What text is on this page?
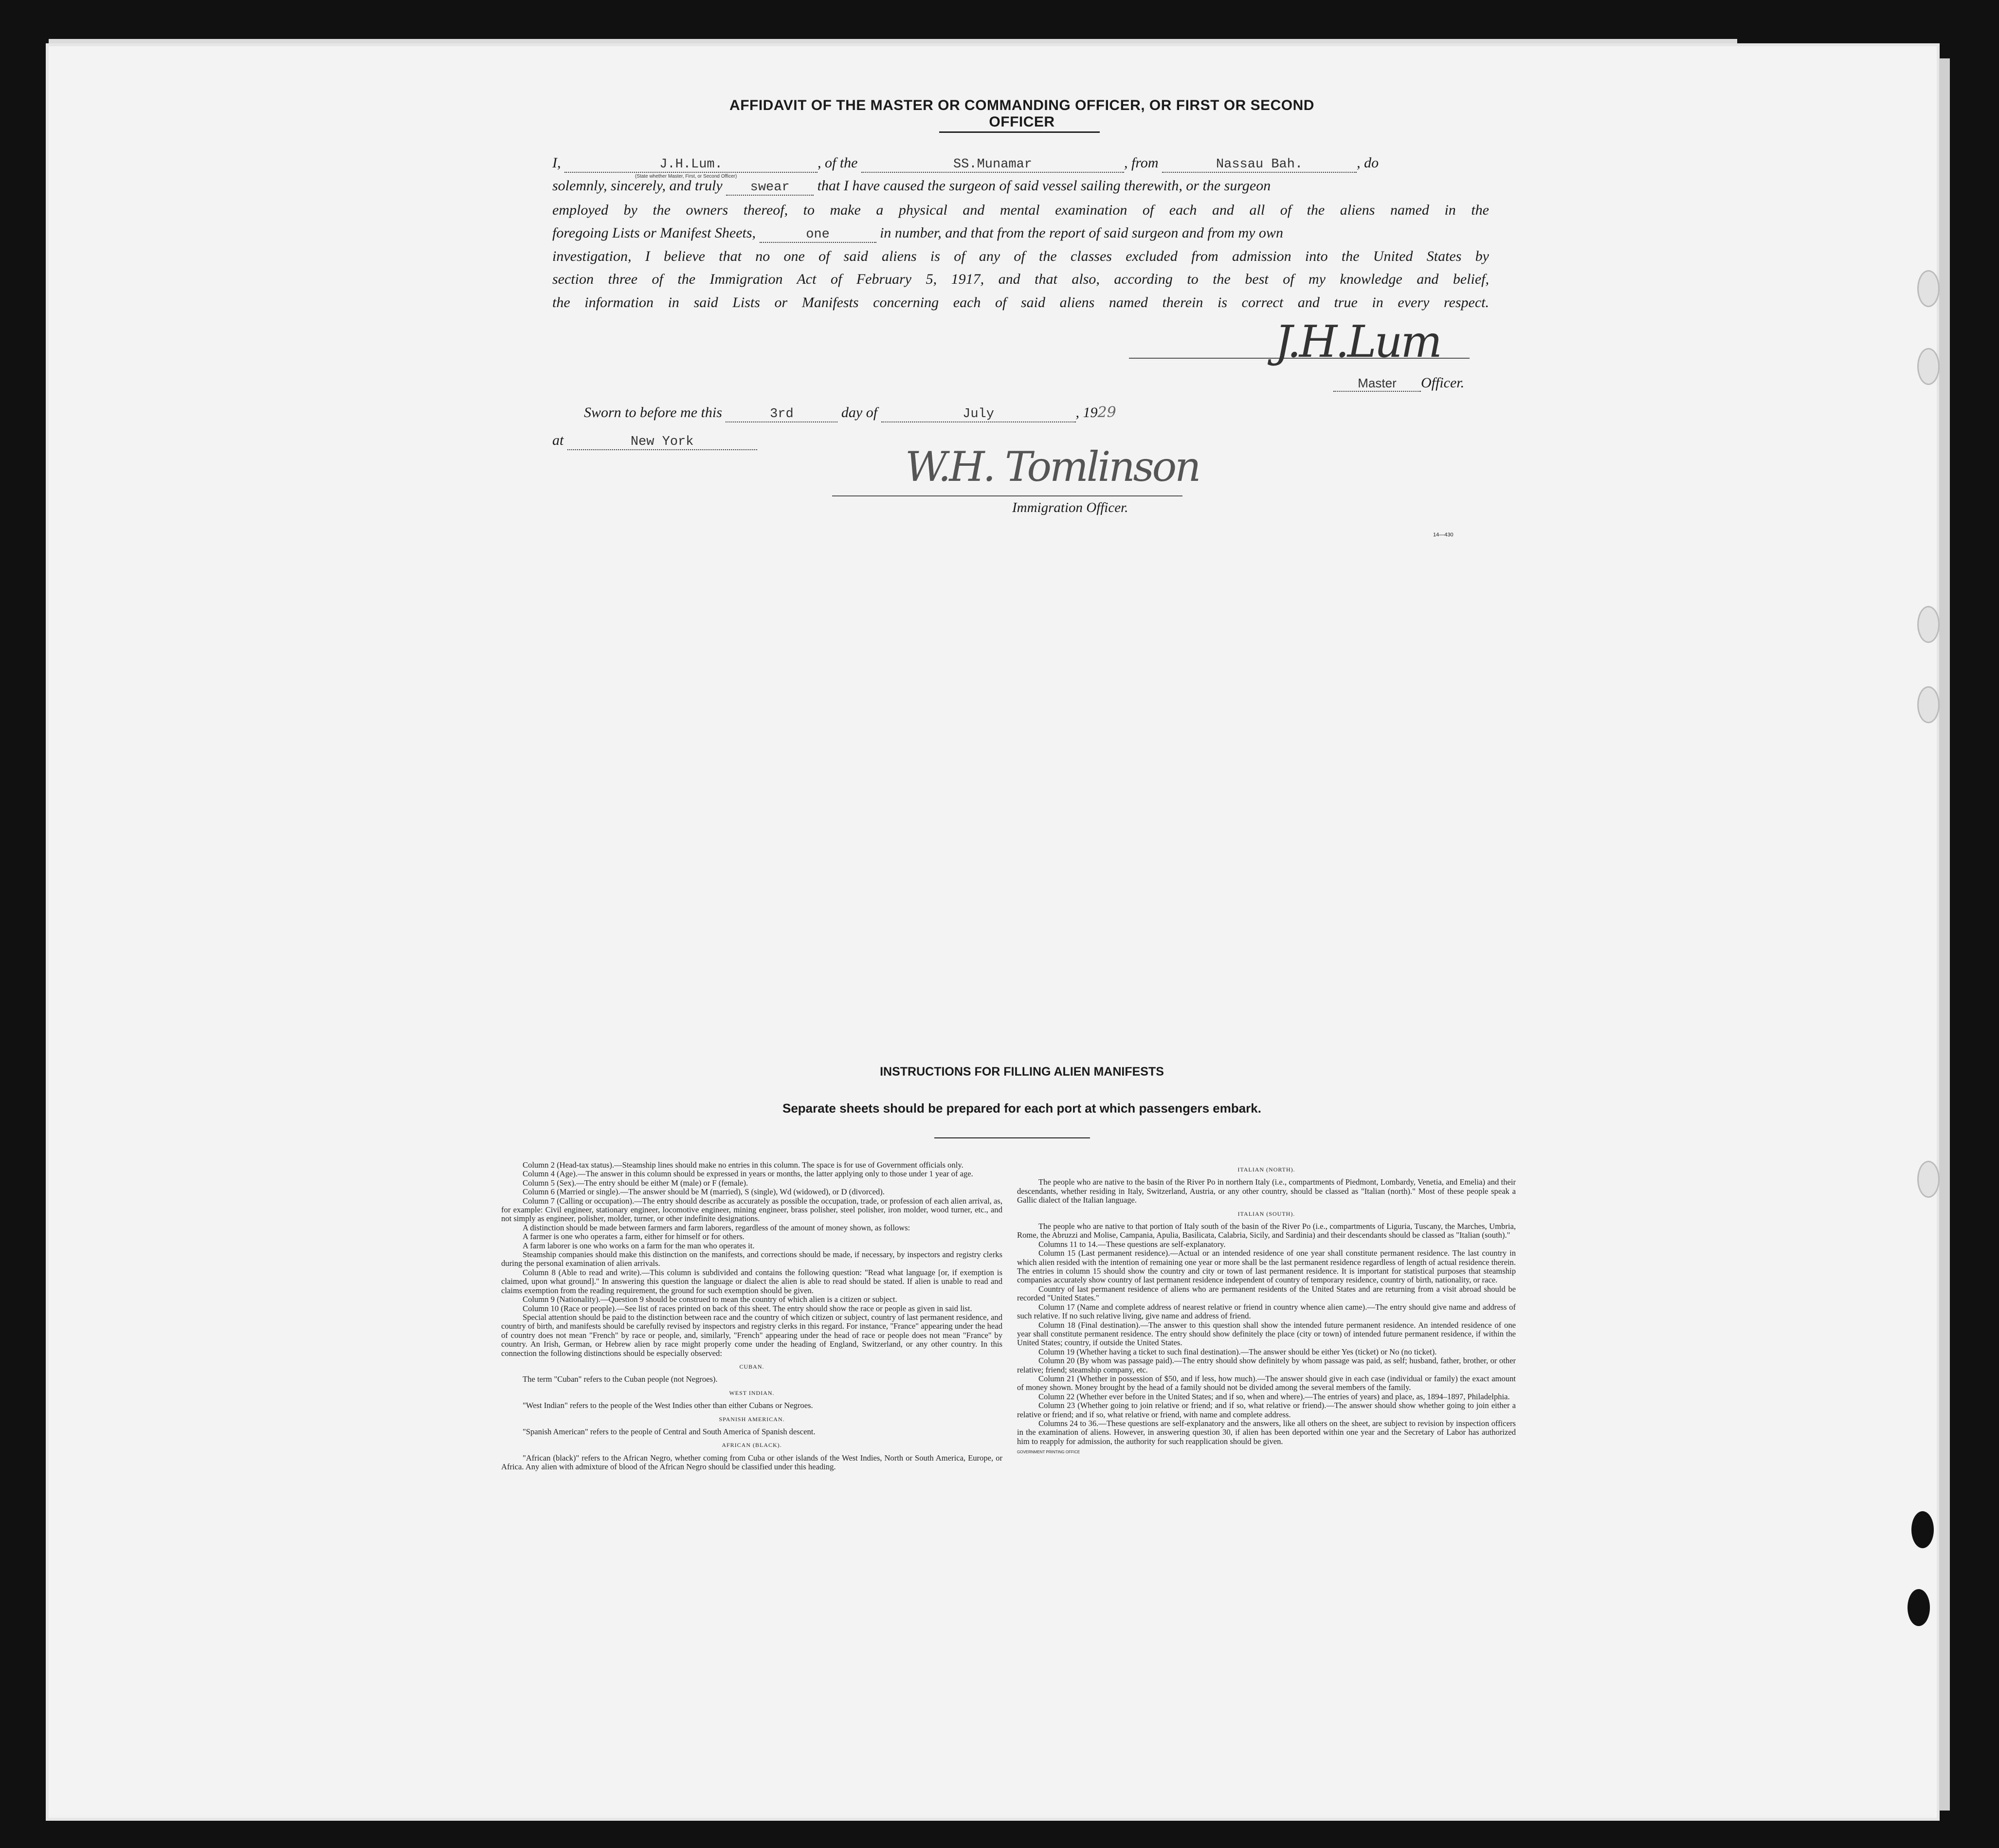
AFFIDAVIT OF THE MASTER OR COMMANDING OFFICER, OR FIRST OR SECOND OFFICER
I,	J.H.Lum.	, of the	SS.Munamar	, from	Nassau Bah.	, do
(State whether Master, First, or Second Officer)
solemnly, sincerely, and truly swear that I have caused the surgeon of said vessel sailing therewith, or the surgeon
employed by the owners thereof, to make a physical and mental examination of each and all of the aliens named in the
foregoing Lists or Manifest Sheets,	one	in number, and that from the report of said surgeon and from my own
investigation, I believe that no one of said aliens is of any of the classes excluded from admission into the United States by
section three of the Immigration Act of February 5, 1917, and that also, according to the best of my knowledge and belief,
the information in said Lists or Manifests concerning each of said aliens named therein is correct and true in every respect.
J.H.Lum
Master Officer.
Sworn to before me this	3rd	day of	July	, 1929
at	New York
W.H. Tomlinson
Immigration Officer.
14—430
INSTRUCTIONS FOR FILLING ALIEN MANIFESTS
Separate sheets should be prepared for each port at which passengers embark.

Column 2 (Head-tax status).—Steamship lines should make no entries in this column. The space is for use of Government officials only.

Column 4 (Age).—The answer in this column should be expressed in years or months, the latter applying only to those under 1 year of age.

Column 5 (Sex).—The entry should be either M (male) or F (female).

Column 6 (Married or single).—The answer should be M (married), S (single), Wd (widowed), or D (divorced).

Column 7 (Calling or occupation).—The entry should describe as accurately as possible the occupation, trade, or profession of each alien arrival, as, for example: Civil engineer, stationary engineer, locomotive engineer, mining engineer, brass polisher, steel polisher, iron molder, wood turner, etc., and not simply as engineer, polisher, molder, turner, or other indefinite designations.

A distinction should be made between farmers and farm laborers, regardless of the amount of money shown, as follows:

A farmer is one who operates a farm, either for himself or for others.

A farm laborer is one who works on a farm for the man who operates it.

Steamship companies should make this distinction on the manifests, and corrections should be made, if necessary, by inspectors and registry clerks during the personal examination of alien arrivals.

Column 8 (Able to read and write).—This column is subdivided and contains the following question: "Read what language [or, if exemption is claimed, upon what ground]." In answering this question the language or dialect the alien is able to read should be stated. If alien is unable to read and claims exemption from the reading requirement, the ground for such exemption should be given.

Column 9 (Nationality).—Question 9 should be construed to mean the country of which alien is a citizen or subject.

Column 10 (Race or people).—See list of races printed on back of this sheet. The entry should show the race or people as given in said list.

Special attention should be paid to the distinction between race and the country of which citizen or subject, country of last permanent residence, and country of birth, and manifests should be carefully revised by inspectors and registry clerks in this regard. For instance, "France" appearing under the head of country does not mean "French" by race or people, and, similarly, "French" appearing under the head of race or people does not mean "France" by country. An Irish, German, or Hebrew alien by race might properly come under the heading of England, Switzerland, or any other country. In this connection the following distinctions should be especially observed:

CUBAN.

The term "Cuban" refers to the Cuban people (not Negroes).

WEST INDIAN.

"West Indian" refers to the people of the West Indies other than either Cubans or Negroes.

SPANISH AMERICAN.

"Spanish American" refers to the people of Central and South America of Spanish descent.

AFRICAN (BLACK).

"African (black)" refers to the African Negro, whether coming from Cuba or other islands of the West Indies, North or South America, Europe, or Africa. Any alien with admixture of blood of the African Negro should be classified under this heading.

ITALIAN (NORTH).

The people who are native to the basin of the River Po in northern Italy (i.e., compartments of Piedmont, Lombardy, Venetia, and Emelia) and their descendants, whether residing in Italy, Switzerland, Austria, or any other country, should be classed as "Italian (north)." Most of these people speak a Gallic dialect of the Italian language.

ITALIAN (SOUTH).

The people who are native to that portion of Italy south of the basin of the River Po (i.e., compartments of Liguria, Tuscany, the Marches, Umbria, Rome, the Abruzzi and Molise, Campania, Apulia, Basilicata, Calabria, Sicily, and Sardinia) and their descendants should be classed as "Italian (south)."

Columns 11 to 14.—These questions are self-explanatory.

Column 15 (Last permanent residence).—Actual or an intended residence of one year shall constitute permanent residence. The last country in which alien resided with the intention of remaining one year or more shall be the last permanent residence regardless of length of actual residence therein. The entries in column 15 should show the country and city or town of last permanent residence. It is important for statistical purposes that steamship companies accurately show country of last permanent residence independent of country of temporary residence, country of birth, nationality, or race.

Country of last permanent residence of aliens who are permanent residents of the United States and are returning from a visit abroad should be recorded "United States."

Column 17 (Name and complete address of nearest relative or friend in country whence alien came).—The entry should give name and address of such relative. If no such relative living, give name and address of friend.

Column 18 (Final destination).—The answer to this question shall show the intended future permanent residence. An intended residence of one year shall constitute permanent residence. The entry should show definitely the place (city or town) of intended future permanent residence, if within the United States; country, if outside the United States.

Column 19 (Whether having a ticket to such final destination).—The answer should be either Yes (ticket) or No (no ticket).

Column 20 (By whom was passage paid).—The entry should show definitely by whom passage was paid, as self; husband, father, brother, or other relative; friend; steamship company, etc.

Column 21 (Whether in possession of $50, and if less, how much).—The answer should give in each case (individual or family) the exact amount of money shown. Money brought by the head of a family should not be divided among the several members of the family.

Column 22 (Whether ever before in the United States; and if so, when and where).—The entries of years) and place, as, 1894–1897, Philadelphia.

Column 23 (Whether going to join relative or friend; and if so, what relative or friend).—The answer should show whether going to join either a relative or friend; and if so, what relative or friend, with name and complete address.

Columns 24 to 36.—These questions are self-explanatory and the answers, like all others on the sheet, are subject to revision by inspection officers in the examination of aliens. However, in answering question 30, if alien has been deported within one year and the Secretary of Labor has authorized him to reapply for admission, the authority for such reapplication should be given.

GOVERNMENT PRINTING OFFICE
